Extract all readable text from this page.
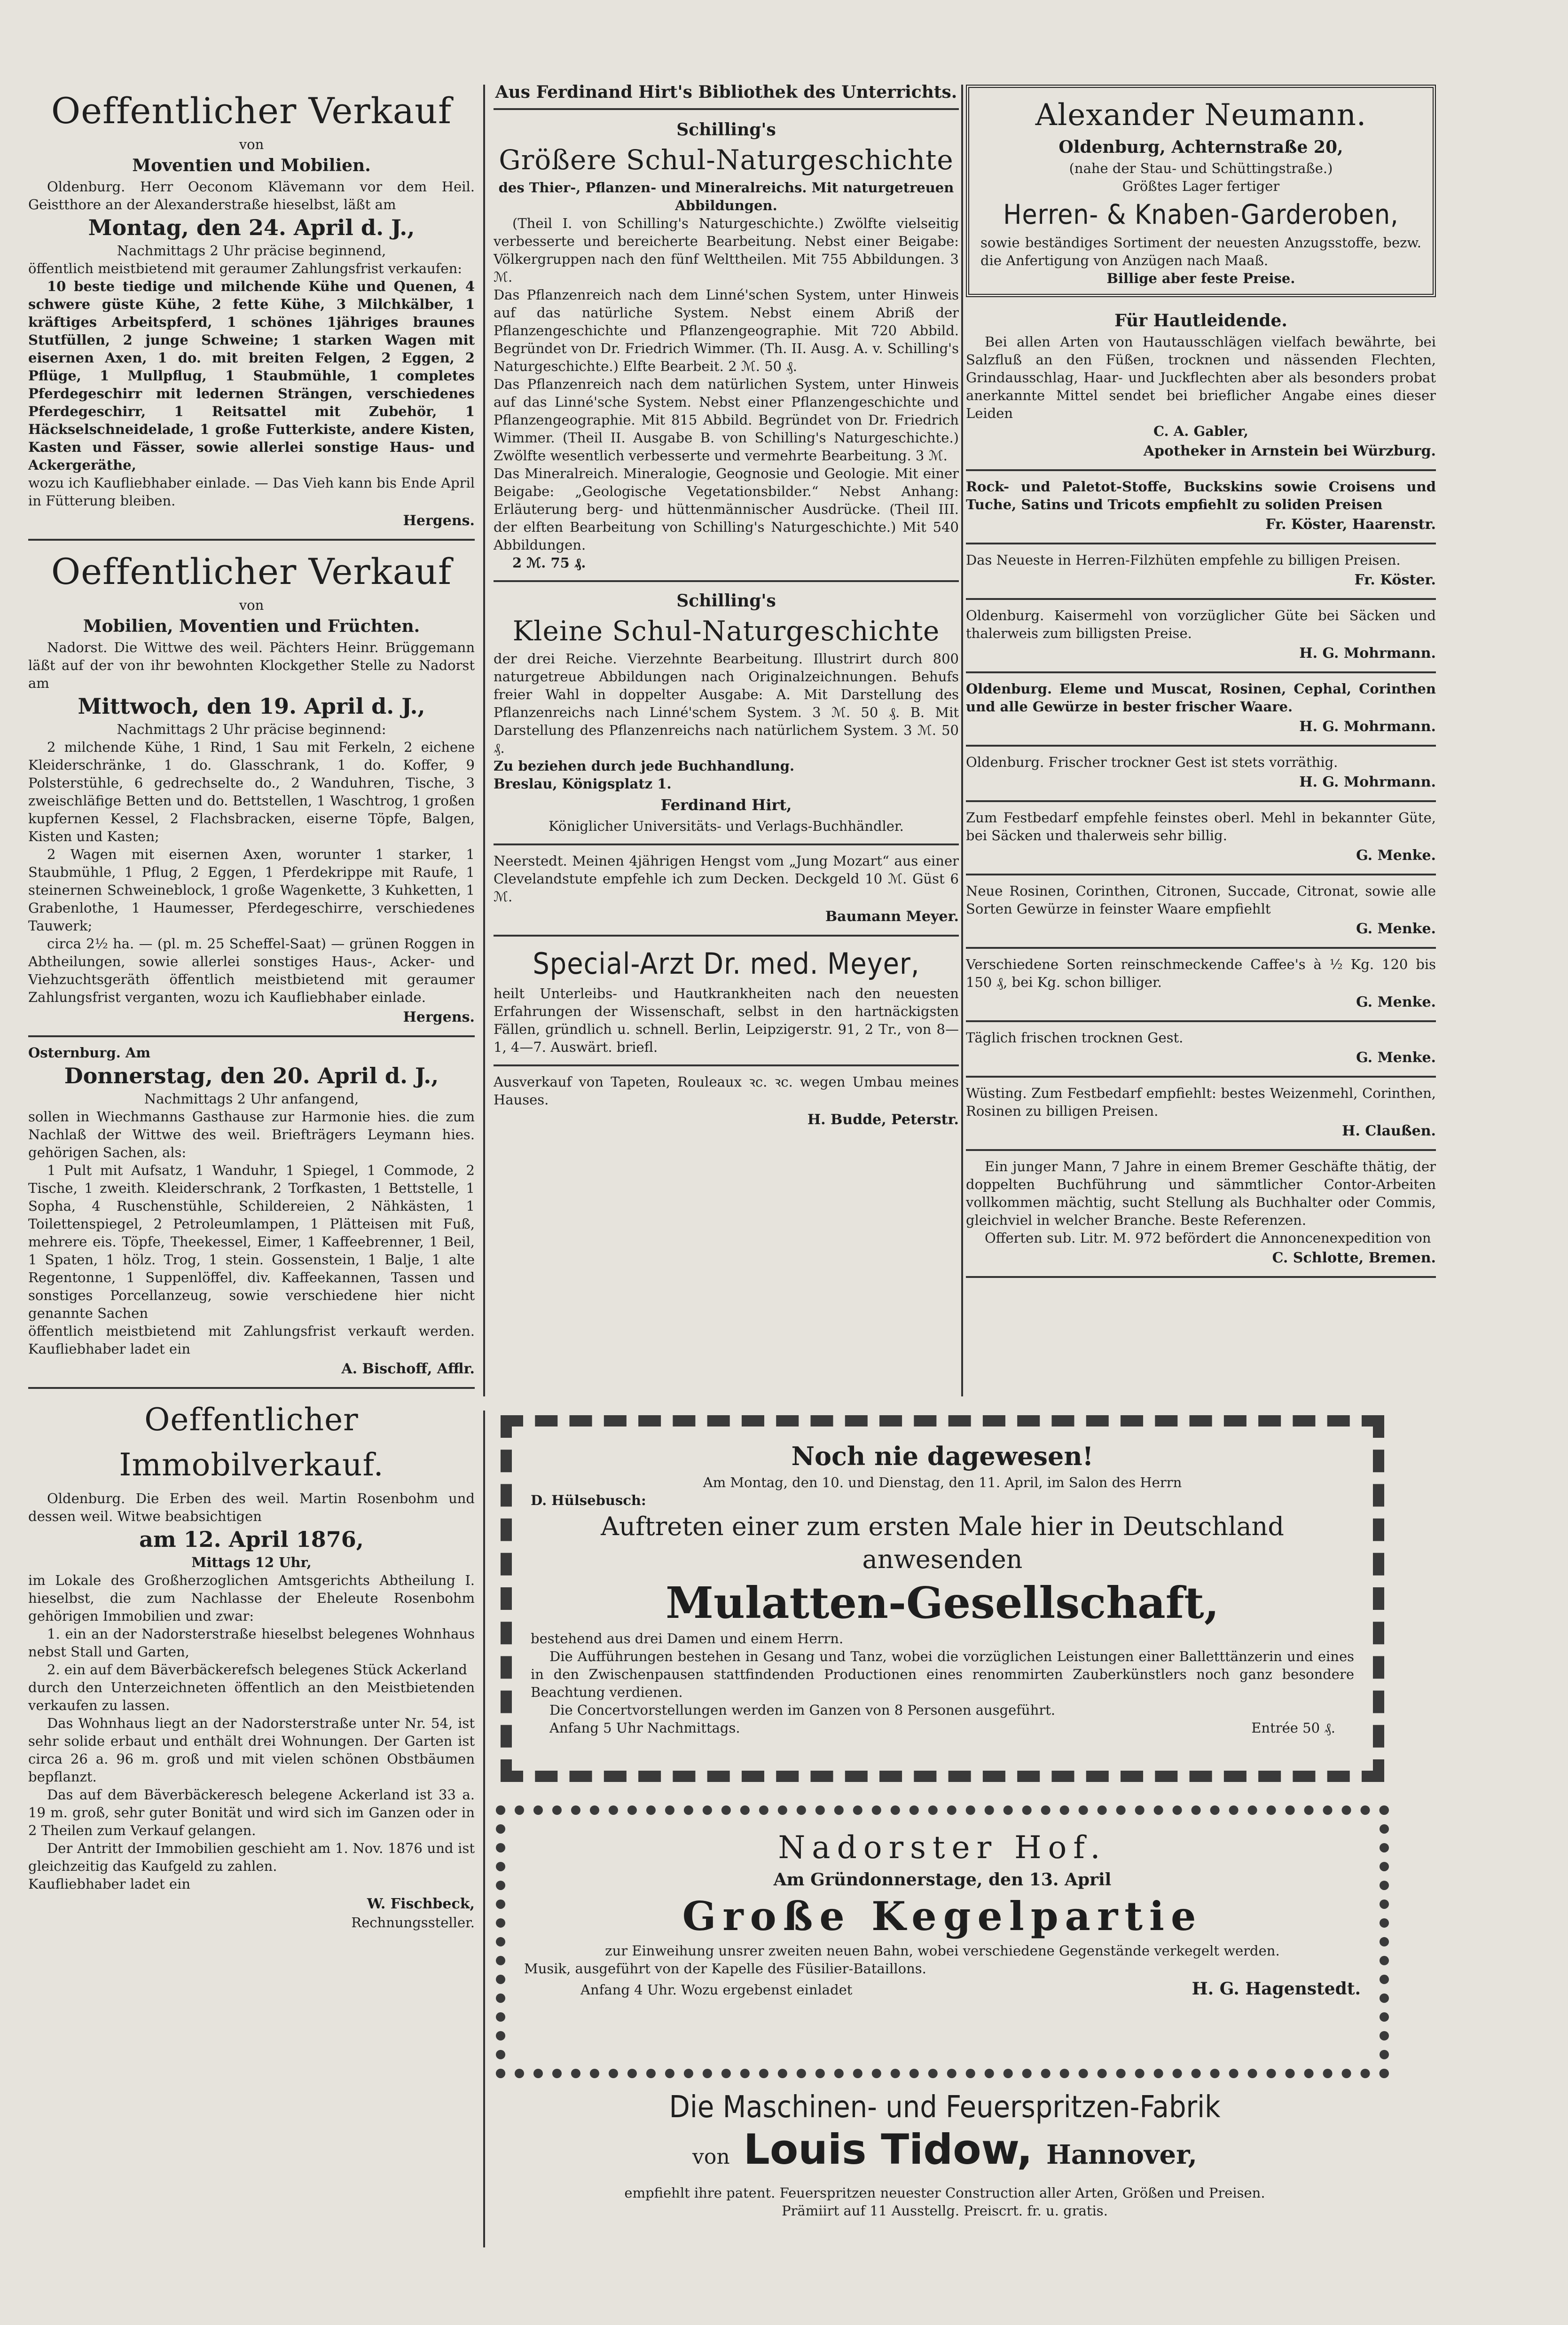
Oeffentlicher Verkauf
von
Moventien und Mobilien.

Oldenburg. Herr Oeconom Klävemann vor dem Heil. Geistthore an der Alexanderstraße hieselbst, läßt am

Montag, den 24. April d. J.,
Nachmittags 2 Uhr präcise beginnend,

öffentlich meistbietend mit geraumer Zahlungsfrist verkaufen:

10 beste tiedige und milchende Kühe und Quenen, 4 schwere güste Kühe, 2 fette Kühe, 3 Milchkälber, 1 kräftiges Arbeitspferd, 1 schönes 1jähriges braunes Stutfüllen, 2 junge Schweine; 1 starken Wagen mit eisernen Axen, 1 do. mit breiten Felgen, 2 Eggen, 2 Pflüge, 1 Mullpflug, 1 Staubmühle, 1 completes Pferdegeschirr mit ledernen Strängen, verschiedenes Pferdegeschirr, 1 Reitsattel mit Zubehör, 1 Häckselschneidelade, 1 große Futterkiste, andere Kisten, Kasten und Fässer, sowie allerlei sonstige Haus- und Ackergeräthe,

wozu ich Kaufliebhaber einlade. — Das Vieh kann bis Ende April in Fütterung bleiben.

Hergens.
Oeffentlicher Verkauf
von
Mobilien, Moventien und Früchten.

Nadorst. Die Wittwe des weil. Pächters Heinr. Brüggemann läßt auf der von ihr bewohnten Klockgether Stelle zu Nadorst am

Mittwoch, den 19. April d. J.,
Nachmittags 2 Uhr präcise beginnend:

2 milchende Kühe, 1 Rind, 1 Sau mit Ferkeln, 2 eichene Kleiderschränke, 1 do. Glasschrank, 1 do. Koffer, 9 Polsterstühle, 6 gedrechselte do., 2 Wanduhren, Tische, 3 zweischläfige Betten und do. Bettstellen, 1 Waschtrog, 1 großen kupfernen Kessel, 2 Flachsbracken, eiserne Töpfe, Balgen, Kisten und Kasten;

2 Wagen mit eisernen Axen, worunter 1 starker, 1 Staubmühle, 1 Pflug, 2 Eggen, 1 Pferdekrippe mit Raufe, 1 steinernen Schweineblock, 1 große Wagenkette, 3 Kuhketten, 1 Grabenlothe, 1 Haumesser, Pferdegeschirre, verschiedenes Tauwerk;

circa 2½ ha. — (pl. m. 25 Scheffel-Saat) — grünen Roggen in Abtheilungen, sowie allerlei sonstiges Haus-, Acker- und Viehzuchtsgeräth öffentlich meistbietend mit geraumer Zahlungsfrist verganten, wozu ich Kaufliebhaber einlade.

Hergens.

Osternburg. Am

Donnerstag, den 20. April d. J.,
Nachmittags 2 Uhr anfangend,

sollen in Wiechmanns Gasthause zur Harmonie hies. die zum Nachlaß der Wittwe des weil. Briefträgers Leymann hies. gehörigen Sachen, als:

1 Pult mit Aufsatz, 1 Wanduhr, 1 Spiegel, 1 Commode, 2 Tische, 1 zweith. Kleiderschrank, 2 Torfkasten, 1 Bettstelle, 1 Sopha, 4 Ruschenstühle, Schildereien, 2 Nähkästen, 1 Toilettenspiegel, 2 Petroleumlampen, 1 Plätteisen mit Fuß, mehrere eis. Töpfe, Theekessel, Eimer, 1 Kaffeebrenner, 1 Beil, 1 Spaten, 1 hölz. Trog, 1 stein. Gossenstein, 1 Balje, 1 alte Regentonne, 1 Suppenlöffel, div. Kaffeekannen, Tassen und sonstiges Porcellanzeug, sowie verschiedene hier nicht genannte Sachen

öffentlich meistbietend mit Zahlungsfrist verkauft werden. Kaufliebhaber ladet ein

A. Bischoff, Afflr.
Oeffentlicher Immobilverkauf.

Oldenburg. Die Erben des weil. Martin Rosenbohm und dessen weil. Witwe beabsichtigen

am 12. April 1876,
Mittags 12 Uhr,

im Lokale des Großherzoglichen Amtsgerichts Abtheilung I. hieselbst, die zum Nachlasse der Eheleute Rosenbohm gehörigen Immobilien und zwar:

1. ein an der Nadorsterstraße hieselbst belegenes Wohnhaus nebst Stall und Garten,

2. ein auf dem Bäverbäckerefsch belegenes Stück Ackerland

durch den Unterzeichneten öffentlich an den Meistbietenden verkaufen zu lassen.

Das Wohnhaus liegt an der Nadorsterstraße unter Nr. 54, ist sehr solide erbaut und enthält drei Wohnungen. Der Garten ist circa 26 a. 96 m. groß und mit vielen schönen Obstbäumen bepflanzt.

Das auf dem Bäverbäckeresch belegene Ackerland ist 33 a. 19 m. groß, sehr guter Bonität und wird sich im Ganzen oder in 2 Theilen zum Verkauf gelangen.

Der Antritt der Immobilien geschieht am 1. Nov. 1876 und ist gleichzeitig das Kaufgeld zu zahlen.

Kaufliebhaber ladet ein

W. Fischbeck,
Rechnungssteller.
Aus Ferdinand Hirt's Bibliothek des Unterrichts.
Schilling's
Größere Schul-Naturgeschichte

des Thier-, Pflanzen- und Mineralreichs. Mit naturgetreuen Abbildungen.

(Theil I. von Schilling's Naturgeschichte.) Zwölfte vielseitig verbesserte und bereicherte Bearbeitung. Nebst einer Beigabe: Völkergruppen nach den fünf Welttheilen. Mit 755 Abbildungen. 3 ℳ.

Das Pflanzenreich nach dem Linné'schen System, unter Hinweis auf das natürliche System. Nebst einem Abriß der Pflanzengeschichte und Pflanzengeographie. Mit 720 Abbild. Begründet von Dr. Friedrich Wimmer. (Th. II. Ausg. A. v. Schilling's Naturgeschichte.) Elfte Bearbeit. 2 ℳ. 50 ₰.

Das Pflanzenreich nach dem natürlichen System, unter Hinweis auf das Linné'sche System. Nebst einer Pflanzengeschichte und Pflanzengeographie. Mit 815 Abbild. Begründet von Dr. Friedrich Wimmer. (Theil II. Ausgabe B. von Schilling's Naturgeschichte.) Zwölfte wesentlich verbesserte und vermehrte Bearbeitung. 3 ℳ.

Das Mineralreich. Mineralogie, Geognosie und Geologie. Mit einer Beigabe: „Geologische Vegetationsbilder.“ Nebst Anhang: Erläuterung berg- und hüttenmännischer Ausdrücke. (Theil III. der elften Bearbeitung von Schilling's Naturgeschichte.) Mit 540 Abbildungen.

2 ℳ. 75 ₰.

Schilling's
Kleine Schul-Naturgeschichte

der drei Reiche. Vierzehnte Bearbeitung. Illustrirt durch 800 naturgetreue Abbildungen nach Originalzeichnungen. Behufs freier Wahl in doppelter Ausgabe: A. Mit Darstellung des Pflanzenreichs nach Linné'schem System. 3 ℳ. 50 ₰. B. Mit Darstellung des Pflanzenreichs nach natürlichem System. 3 ℳ. 50 ₰.

Zu beziehen durch jede Buchhandlung.

Breslau, Königsplatz 1.

Ferdinand Hirt,
Königlicher Universitäts- und Verlags-Buchhändler.

Neerstedt. Meinen 4jährigen Hengst vom „Jung Mozart“ aus einer Clevelandstute empfehle ich zum Decken. Deckgeld 10 ℳ. Güst 6 ℳ.

Baumann Meyer.
Special-Arzt Dr. med. Meyer,

heilt Unterleibs- und Hautkrankheiten nach den neuesten Erfahrungen der Wissenschaft, selbst in den hartnäckigsten Fällen, gründlich u. schnell. Berlin, Leipzigerstr. 91, 2 Tr., von 8—1, 4—7. Auswärt. briefl.

Ausverkauf von Tapeten, Rouleaux ꝛc. ꝛc. wegen Umbau meines Hauses.

H. Budde, Peterstr.
Alexander Neumann.
Oldenburg, Achternstraße 20,
(nahe der Stau- und Schüttingstraße.)
Größtes Lager fertiger
Herren- & Knaben-Garderoben,

sowie beständiges Sortiment der neuesten Anzugsstoffe, bezw. die Anfertigung von Anzügen nach Maaß.

Billige aber feste Preise.
Für Hautleidende.

Bei allen Arten von Hautausschlägen vielfach bewährte, bei Salzfluß an den Füßen, trocknen und nässenden Flechten, Grindausschlag, Haar- und Juckflechten aber als besonders probat anerkannte Mittel sendet bei brieflicher Angabe eines dieser Leiden

C. A. Gabler,
Apotheker in Arnstein bei Würzburg.

Rock- und Paletot-Stoffe, Buckskins sowie Croisens und Tuche, Satins und Tricots empfiehlt zu soliden Preisen

Fr. Köster, Haarenstr.

Das Neueste in Herren-Filzhüten empfehle zu billigen Preisen.

Fr. Köster.

Oldenburg. Kaisermehl von vorzüglicher Güte bei Säcken und thalerweis zum billigsten Preise.

H. G. Mohrmann.

Oldenburg. Eleme und Muscat, Rosinen, Cephal, Corinthen und alle Gewürze in bester frischer Waare.

H. G. Mohrmann.

Oldenburg. Frischer trockner Gest ist stets vorräthig.

H. G. Mohrmann.

Zum Festbedarf empfehle feinstes oberl. Mehl in bekannter Güte, bei Säcken und thalerweis sehr billig.

G. Menke.

Neue Rosinen, Corinthen, Citronen, Succade, Citronat, sowie alle Sorten Gewürze in feinster Waare empfiehlt

G. Menke.

Verschiedene Sorten reinschmeckende Caffee's à ½ Kg. 120 bis 150 ₰, bei Kg. schon billiger.

G. Menke.

Täglich frischen trocknen Gest.

G. Menke.

Wüsting. Zum Festbedarf empfiehlt: bestes Weizenmehl, Corinthen, Rosinen zu billigen Preisen.

H. Claußen.

Ein junger Mann, 7 Jahre in einem Bremer Geschäfte thätig, der doppelten Buchführung und sämmtlicher Contor-Arbeiten vollkommen mächtig, sucht Stellung als Buchhalter oder Commis, gleichviel in welcher Branche. Beste Referenzen.

Offerten sub. Litr. M. 972 befördert die Annoncenexpedition von

C. Schlotte, Bremen.
Noch nie dagewesen!

Am Montag, den 10. und Dienstag, den 11. April, im Salon des Herrn

D. Hülsebusch:

Auftreten einer zum ersten Male hier in Deutschland anwesenden
Mulatten-Gesellschaft,

bestehend aus drei Damen und einem Herrn.

Die Aufführungen bestehen in Gesang und Tanz, wobei die vorzüglichen Leistungen einer Balletttänzerin und eines in den Zwischenpausen stattfindenden Productionen eines renommirten Zauberkünstlers noch ganz besondere Beachtung verdienen.

Die Concertvorstellungen werden im Ganzen von 8 Personen ausgeführt.

Anfang 5 Uhr Nachmittags.	Entrée 50 ₰.
Nadorster Hof.
Am Gründonnerstage, den 13. April
Große Kegelpartie

zur Einweihung unsrer zweiten neuen Bahn, wobei verschiedene Gegenstände verkegelt werden.

Musik, ausgeführt von der Kapelle des Füsilier-Bataillons.

Anfang 4 Uhr. Wozu ergebenst einladet	H. G. Hagenstedt.
Die Maschinen- und Feuerspritzen-Fabrik
von Louis Tidow, Hannover,

empfiehlt ihre patent. Feuerspritzen neuester Construction aller Arten, Größen und Preisen.

Prämiirt auf 11 Ausstellg. Preiscrt. fr. u. gratis.
